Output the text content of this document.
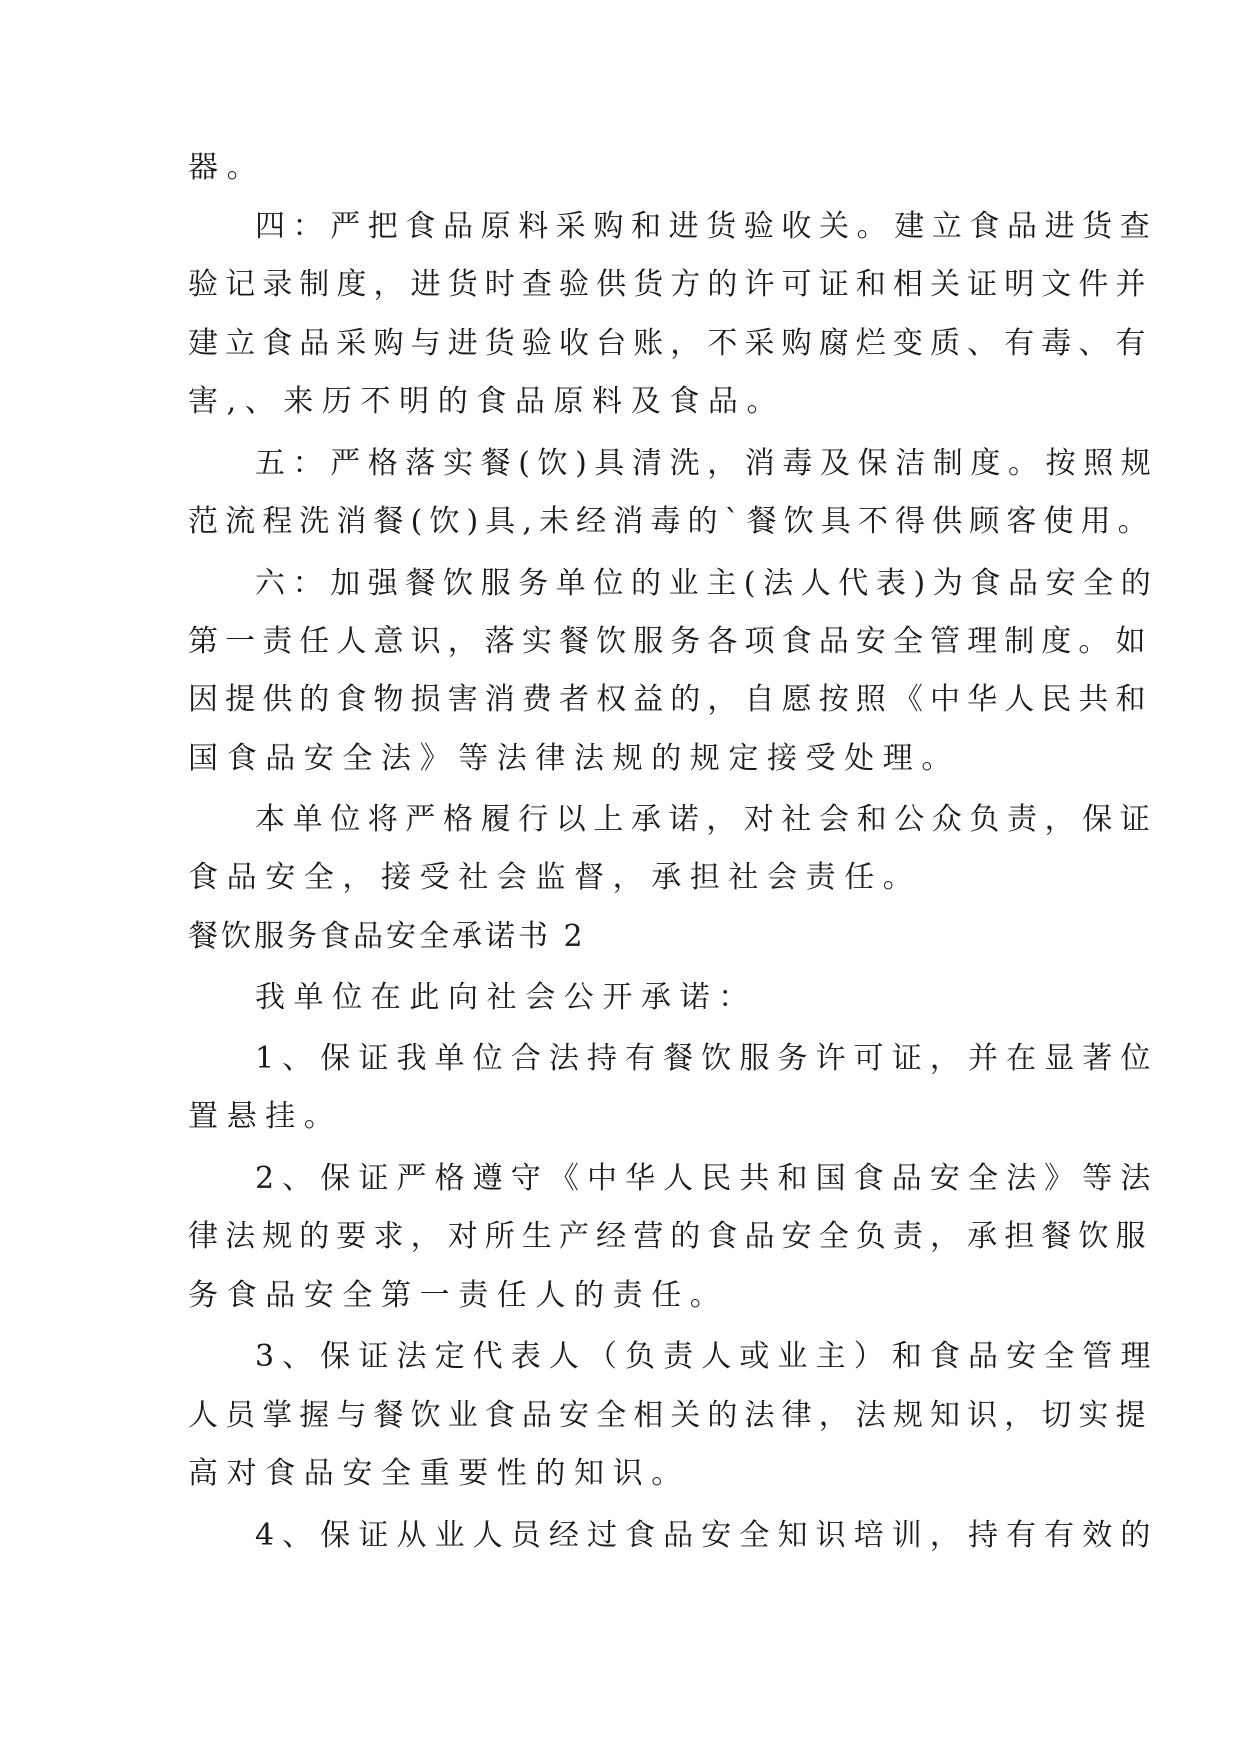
器。
四：严把食品原料采购和进货验收关。建立食品进货查
验记录制度，进货时查验供货方的许可证和相关证明文件并
建立食品采购与进货验收台账，不采购腐烂变质、有毒、有
害,、来历不明的食品原料及食品。
五：严格落实餐(饮)具清洗，消毒及保洁制度。按照规
范流程洗消餐(饮)具,未经消毒的`餐饮具不得供顾客使用。
六：加强餐饮服务单位的业主(法人代表)为食品安全的
第一责任人意识，落实餐饮服务各项食品安全管理制度。如
因提供的食物损害消费者权益的，自愿按照《中华人民共和
国食品安全法》等法律法规的规定接受处理。
本单位将严格履行以上承诺，对社会和公众负责，保证
食品安全，接受社会监督，承担社会责任。
餐饮服务食品安全承诺书 2
我单位在此向社会公开承诺：
1、保证我单位合法持有餐饮服务许可证，并在显著位
置悬挂。
2、保证严格遵守《中华人民共和国食品安全法》等法
律法规的要求，对所生产经营的食品安全负责，承担餐饮服
务食品安全第一责任人的责任。
3、保证法定代表人（负责人或业主）和食品安全管理
人员掌握与餐饮业食品安全相关的法律，法规知识，切实提
高对食品安全重要性的知识。
4、保证从业人员经过食品安全知识培训，持有有效的
